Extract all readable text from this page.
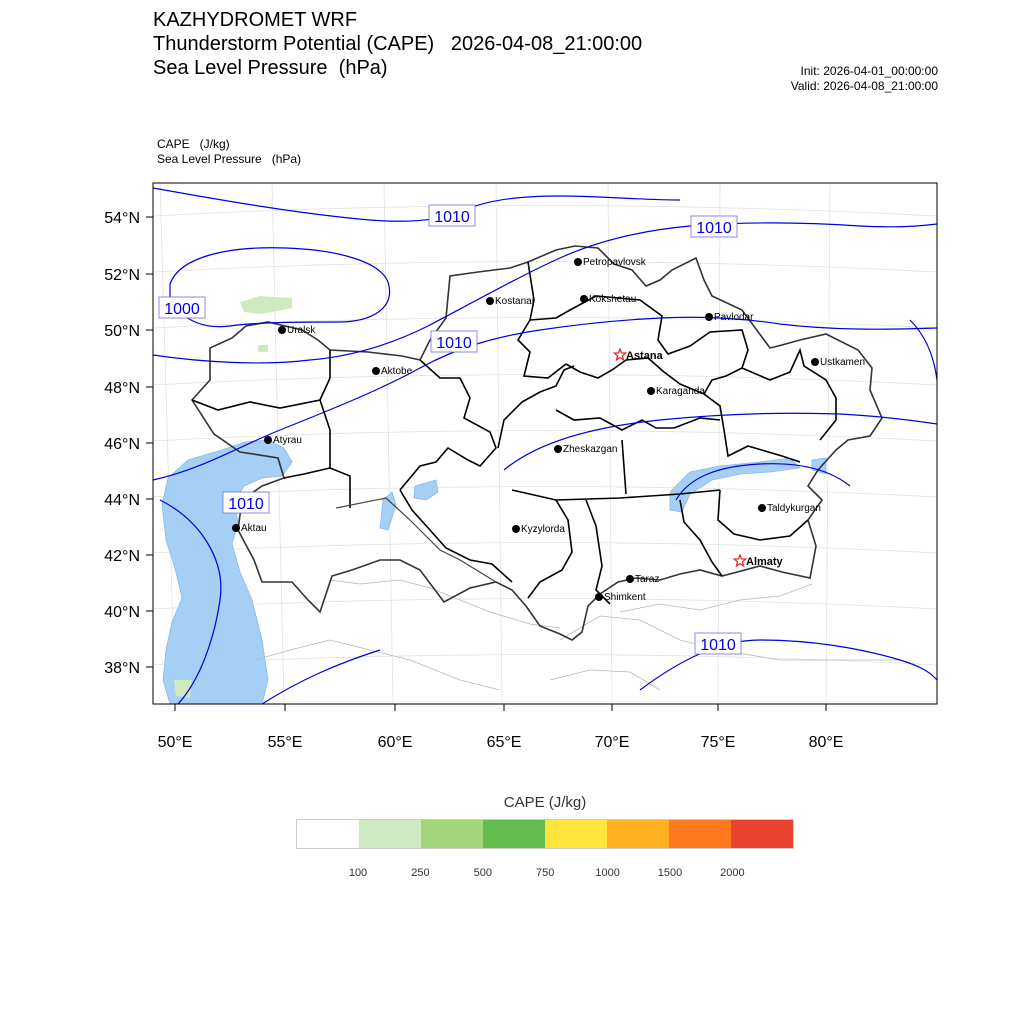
KAZHYDROMET WRF
Thunderstorm Potential (CAPE)   2026-04-08_21:00:00
Sea Level Pressure  (hPa)	Init: 2026-04-01_00:00:00
Valid: 2026-04-08_21:00:00
CAPE   (J/kg)
Sea Level Pressure   (hPa)
1010
1010
1000
1010
1010
1010
Petropavlovsk
Kostanai	Kokshetau
Pavlodar
Uralsk
Astana
Aktobe
Ustkamen
Karaganda
Atyrau
Zheskazgan
Taldykurgan
Aktau	Kyzylorda
Almaty
Taraz
Shimkent
54°N
52°N
50°N
48°N
46°N
44°N
42°N
40°N
38°N
50°E	55°E	60°E	65°E	70°E	75°E	80°E
CAPE (J/kg)
100	250	500	750	1000	1500	2000
